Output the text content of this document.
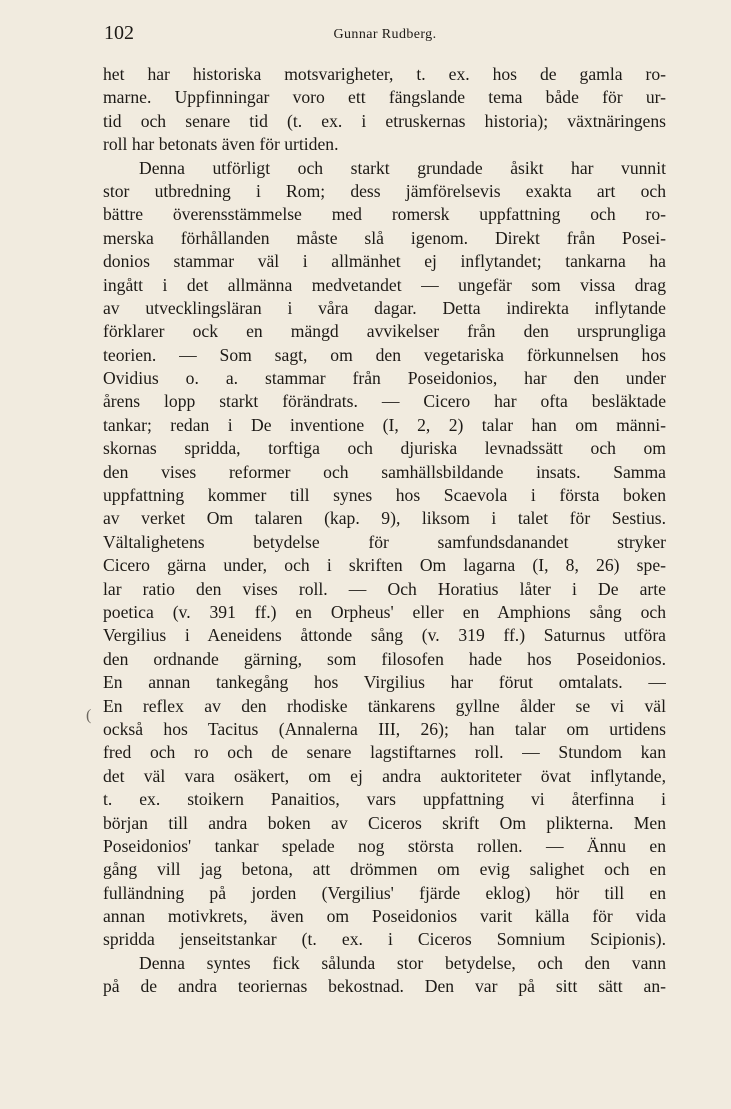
102	Gunnar Rudberg.
(
het har historiska motsvarigheter, t. ex. hos de gamla ro-
marne. Uppfinningar voro ett fängslande tema både för ur-
tid och senare tid (t. ex. i etruskernas historia); växtnäringens
roll har betonats även för urtiden.
Denna utförligt och starkt grundade åsikt har vunnit
stor utbredning i Rom; dess jämförelsevis exakta art och
bättre överensstämmelse med romersk uppfattning och ro-
merska förhållanden måste slå igenom. Direkt från Posei-
donios stammar väl i allmänhet ej inflytandet; tankarna ha
ingått i det allmänna medvetandet — ungefär som vissa drag
av utvecklingsläran i våra dagar. Detta indirekta inflytande
förklarer ock en mängd avvikelser från den ursprungliga
teorien. — Som sagt, om den vegetariska förkunnelsen hos
Ovidius o. a. stammar från Poseidonios, har den under
årens lopp starkt förändrats. — Cicero har ofta besläktade
tankar; redan i De inventione (I, 2, 2) talar han om männi-
skornas spridda, torftiga och djuriska levnadssätt och om
den vises reformer och samhällsbildande insats. Samma
uppfattning kommer till synes hos Scaevola i första boken
av verket Om talaren (kap. 9), liksom i talet för Sestius.
Vältalighetens betydelse för samfundsdanandet stryker
Cicero gärna under, och i skriften Om lagarna (I, 8, 26) spe-
lar ratio den vises roll. — Och Horatius låter i De arte
poetica (v. 391 ff.) en Orpheus' eller en Amphions sång och
Vergilius i Aeneidens åttonde sång (v. 319 ff.) Saturnus utföra
den ordnande gärning, som filosofen hade hos Poseidonios.
En annan tankegång hos Virgilius har förut omtalats. —
En reflex av den rhodiske tänkarens gyllne ålder se vi väl
också hos Tacitus (Annalerna III, 26); han talar om urtidens
fred och ro och de senare lagstiftarnes roll. — Stundom kan
det väl vara osäkert, om ej andra auktoriteter övat inflytande,
t. ex. stoikern Panaitios, vars uppfattning vi återfinna i
början till andra boken av Ciceros skrift Om plikterna. Men
Poseidonios' tankar spelade nog största rollen. — Ännu en
gång vill jag betona, att drömmen om evig salighet och en
fulländning på jorden (Vergilius' fjärde eklog) hör till en
annan motivkrets, även om Poseidonios varit källa för vida
spridda jenseitstankar (t. ex. i Ciceros Somnium Scipionis).
Denna syntes fick sålunda stor betydelse, och den vann
på de andra teoriernas bekostnad. Den var på sitt sätt an-
